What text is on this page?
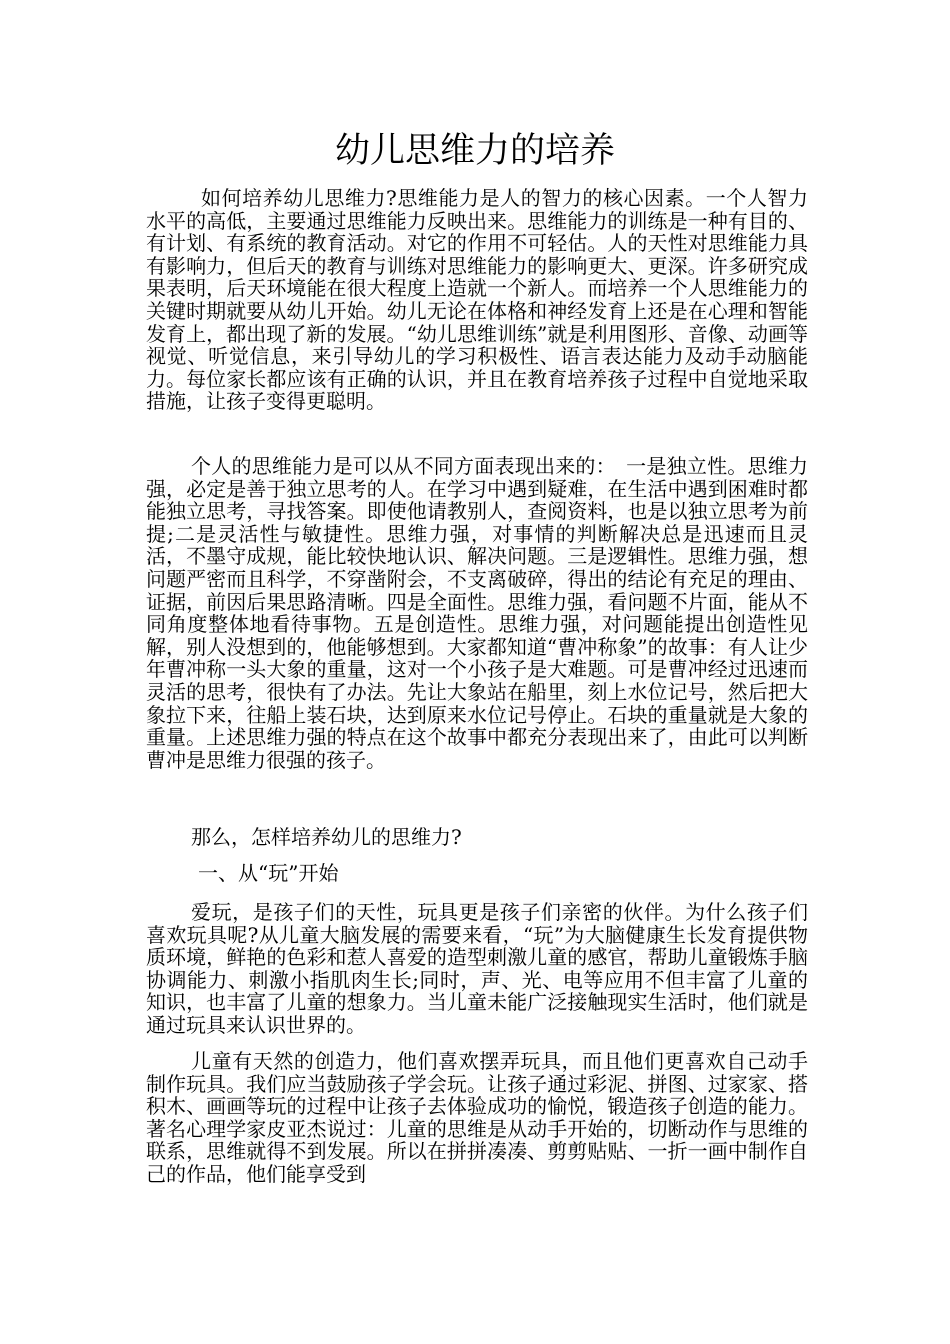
幼儿思维力的培养

如何培养幼儿思维力?思维能力是人的智力的核心因素。一个人智力水平的高低，主要通过思维能力反映出来。思维能力的训练是一种有目的、有计划、有系统的教育活动。对它的作用不可轻估。人的天性对思维能力具有影响力，但后天的教育与训练对思维能力的影响更大、更深。许多研究成果表明，后天环境能在很大程度上造就一个新人。而培养一个人思维能力的关键时期就要从幼儿开始。幼儿无论在体格和神经发育上还是在心理和智能发育上，都出现了新的发展。“幼儿思维训练”就是利用图形、音像、动画等视觉、听觉信息，来引导幼儿的学习积极性、语言表达能力及动手动脑能力。每位家长都应该有正确的认识，并且在教育培养孩子过程中自觉地采取措施，让孩子变得更聪明。

个人的思维能力是可以从不同方面表现出来的：　一是独立性。思维力强，必定是善于独立思考的人。在学习中遇到疑难，在生活中遇到困难时都能独立思考，寻找答案。即使他请教别人，查阅资料，也是以独立思考为前提;二是灵活性与敏捷性。思维力强，对事情的判断解决总是迅速而且灵活，不墨守成规，能比较快地认识、解决问题。三是逻辑性。思维力强，想问题严密而且科学，不穿凿附会，不支离破碎，得出的结论有充足的理由、证据，前因后果思路清晰。四是全面性。思维力强，看问题不片面，能从不同角度整体地看待事物。五是创造性。思维力强，对问题能提出创造性见解，别人没想到的，他能够想到。大家都知道“曹冲称象”的故事：有人让少年曹冲称一头大象的重量，这对一个小孩子是大难题。可是曹冲经过迅速而灵活的思考，很快有了办法。先让大象站在船里，刻上水位记号，然后把大象拉下来，往船上装石块，达到原来水位记号停止。石块的重量就是大象的重量。上述思维力强的特点在这个故事中都充分表现出来了，由此可以判断曹冲是思维力很强的孩子。

那么，怎样培养幼儿的思维力?

一、从“玩”开始

爱玩，是孩子们的天性，玩具更是孩子们亲密的伙伴。为什么孩子们喜欢玩具呢?从儿童大脑发展的需要来看，“玩”为大脑健康生长发育提供物质环境，鲜艳的色彩和惹人喜爱的造型刺激儿童的感官，帮助儿童锻炼手脑协调能力、刺激小指肌肉生长;同时，声、光、电等应用不但丰富了儿童的知识，也丰富了儿童的想象力。当儿童未能广泛接触现实生活时，他们就是通过玩具来认识世界的。

儿童有天然的创造力，他们喜欢摆弄玩具，而且他们更喜欢自己动手制作玩具。我们应当鼓励孩子学会玩。让孩子通过彩泥、拼图、过家家、搭积木、画画等玩的过程中让孩子去体验成功的愉悦，锻造孩子创造的能力。著名心理学家皮亚杰说过：儿童的思维是从动手开始的，切断动作与思维的联系，思维就得不到发展。所以在拼拼凑凑、剪剪贴贴、一折一画中制作自己的作品，他们能享受到
